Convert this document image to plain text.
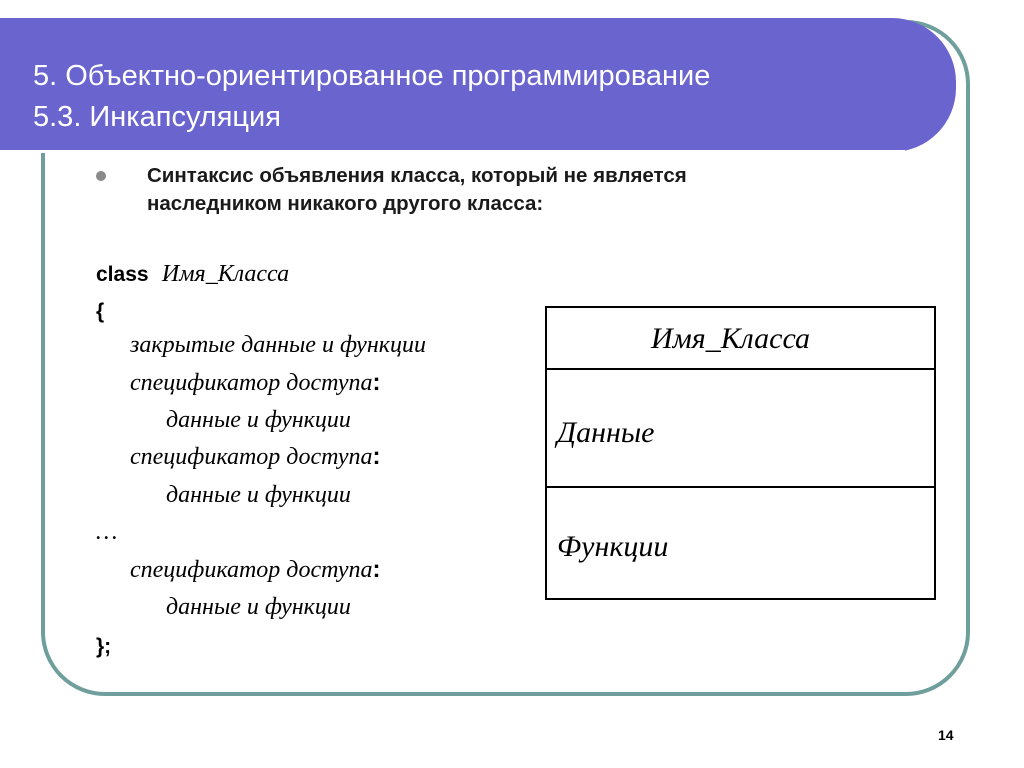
5. Объектно-ориентированное программирование
5.3. Инкапсуляция
Синтаксис объявления класса, который не является
наследником никакого другого класса:
class Имя_Класса
{
закрытые данные и функции
спецификатор доступа:
данные и функции
спецификатор доступа:
данные и функции
…
спецификатор доступа:
данные и функции
};
Имя_Класса
Данные
Функции
14
